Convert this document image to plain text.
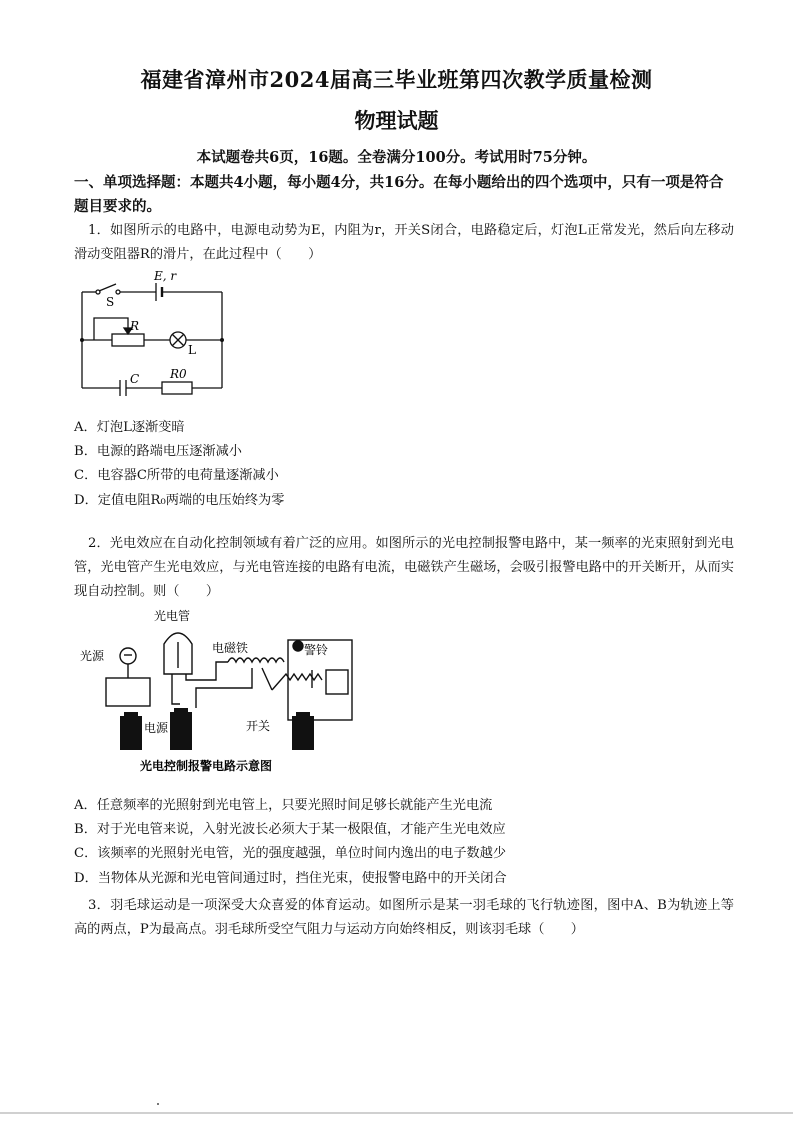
福建省漳州市2024届高三毕业班第四次教学质量检测
物理试题
本试题卷共6页，16题。全卷满分100分。考试用时75分钟。
一、单项选择题：本题共4小题，每小题4分，共16分。在每小题给出的四个选项中，只有一项是符合题目要求的。
1．如图所示的电路中，电源电动势为E，内阻为r，开关S闭合，电路稳定后，灯泡L正常发光，然后向左移动滑动变阻器R的滑片，在此过程中（　　）
E, r
S
R
L
C	R0
A．灯泡L逐渐变暗
B．电源的路端电压逐渐减小
C．电容器C所带的电荷量逐渐减小
D．定值电阻R₀两端的电压始终为零
2．光电效应在自动化控制领域有着广泛的应用。如图所示的光电控制报警电路中，某一频率的光束照射到光电管，光电管产生光电效应，与光电管连接的电路有电流，电磁铁产生磁场，会吸引报警电路中的开关断开，从而实现自动控制。则（　　）
光电管
光源
电磁铁	警铃
电源	开关
光电控制报警电路示意图
A．任意频率的光照射到光电管上，只要光照时间足够长就能产生光电流
B．对于光电管来说，入射光波长必须大于某一极限值，才能产生光电效应
C．该频率的光照射光电管，光的强度越强，单位时间内逸出的电子数越少
D．当物体从光源和光电管间通过时，挡住光束，使报警电路中的开关闭合
3．羽毛球运动是一项深受大众喜爱的体育运动。如图所示是某一羽毛球的飞行轨迹图，图中A、B为轨迹上等高的两点，P为最高点。羽毛球所受空气阻力与运动方向始终相反，则该羽毛球（　　）
